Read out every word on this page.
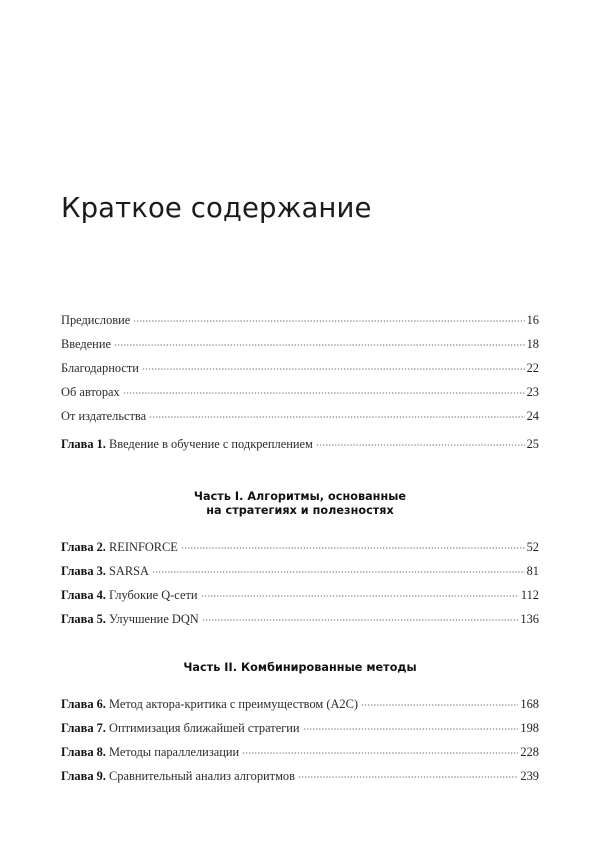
Краткое содержание
Предисловие	16
Введение	18
Благодарности	22
Об авторах	23
От издательства	24
Глава 1. Введение в обучение с подкреплением	25
Часть I. Алгоритмы, основанные
на стратегиях и полезностях
Глава 2. REINFORCE	52
Глава 3. SARSA	81
Глава 4. Глубокие Q-сети	112
Глава 5. Улучшение DQN	136
Часть II. Комбинированные методы
Глава 6. Метод актора-критика с преимуществом (A2C)	168
Глава 7. Оптимизация ближайшей стратегии	198
Глава 8. Методы параллелизации	228
Глава 9. Сравнительный анализ алгоритмов	239
